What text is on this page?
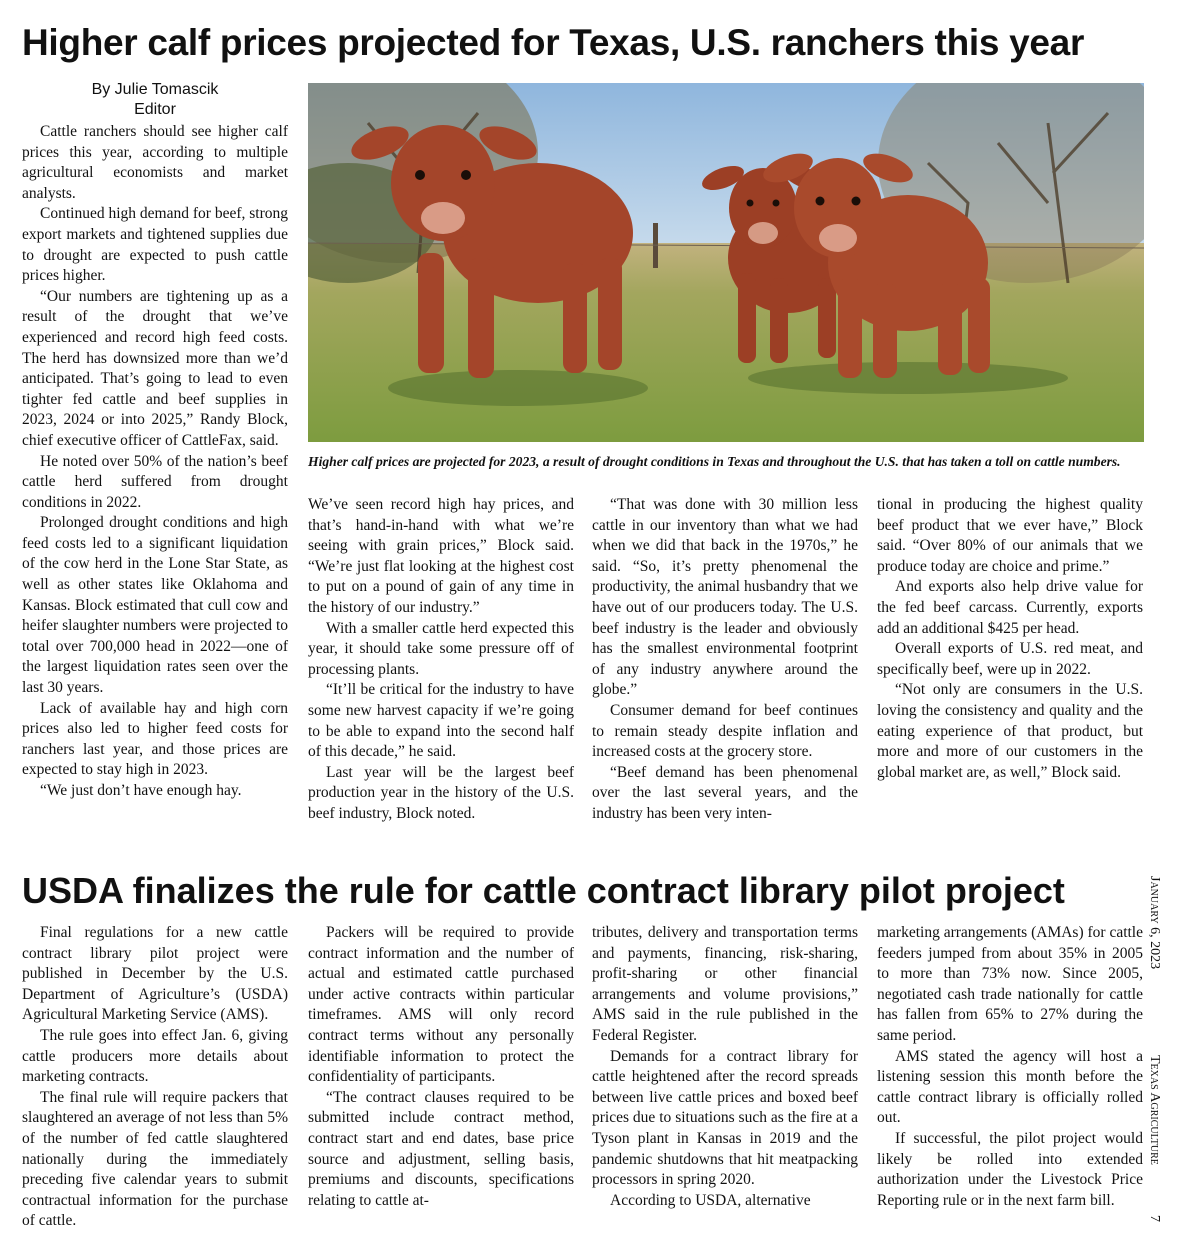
Higher calf prices projected for Texas, U.S. ranchers this year
By Julie Tomascik
Editor

Cattle ranchers should see higher calf prices this year, according to multiple agricultural economists and market analysts.

Continued high demand for beef, strong export markets and tightened supplies due to drought are expected to push cattle prices higher.

“Our numbers are tightening up as a result of the drought that we’ve experienced and record high feed costs. The herd has downsized more than we’d anticipated. That’s going to lead to even tighter fed cattle and beef supplies in 2023, 2024 or into 2025,” Randy Block, chief executive officer of CattleFax, said.

He noted over 50% of the nation’s beef cattle herd suffered from drought conditions in 2022.

Prolonged drought conditions and high feed costs led to a significant liquidation of the cow herd in the Lone Star State, as well as other states like Oklahoma and Kansas. Block estimated that cull cow and heifer slaughter numbers were projected to total over 700,000 head in 2022—one of the largest liquidation rates seen over the last 30 years.

Lack of available hay and high corn prices also led to higher feed costs for ranchers last year, and those prices are expected to stay high in 2023.

“We just don’t have enough hay.

Higher calf prices are projected for 2023, a result of drought conditions in Texas and throughout the U.S. that has taken a toll on cattle numbers.

We’ve seen record high hay prices, and that’s hand-in-hand with what we’re seeing with grain prices,” Block said. “We’re just flat looking at the highest cost to put on a pound of gain of any time in the history of our industry.”

With a smaller cattle herd expected this year, it should take some pressure off of processing plants.

“It’ll be critical for the industry to have some new harvest capacity if we’re going to be able to expand into the second half of this decade,” he said.

Last year will be the largest beef production year in the history of the U.S. beef industry, Block noted.

“That was done with 30 million less cattle in our inventory than what we had when we did that back in the 1970s,” he said. “So, it’s pretty phenomenal the productivity, the animal husbandry that we have out of our producers today. The U.S. beef industry is the leader and obviously has the smallest environmental footprint of any industry anywhere around the globe.”

Consumer demand for beef continues to remain steady despite inflation and increased costs at the grocery store.

“Beef demand has been phenomenal over the last several years, and the industry has been very inten-

tional in producing the highest quality beef product that we ever have,” Block said. “Over 80% of our animals that we produce today are choice and prime.”

And exports also help drive value for the fed beef carcass. Currently, exports add an additional $425 per head.

Overall exports of U.S. red meat, and specifically beef, were up in 2022.

“Not only are consumers in the U.S. loving the consistency and quality and the eating experience of that product, but more and more of our customers in the global market are, as well,” Block said.

USDA finalizes the rule for cattle contract library pilot project

Final regulations for a new cattle contract library pilot project were published in December by the U.S. Department of Agriculture’s (USDA) Agricultural Marketing Service (AMS).

The rule goes into effect Jan. 6, giving cattle producers more details about marketing contracts.

The final rule will require packers that slaughtered an average of not less than 5% of the number of fed cattle slaughtered nationally during the immediately preceding five calendar years to submit contractual information for the purchase of cattle.

Packers will be required to provide contract information and the number of actual and estimated cattle purchased under active contracts within particular timeframes. AMS will only record contract terms without any personally identifiable information to protect the confidentiality of participants.

“The contract clauses required to be submitted include contract method, contract start and end dates, base price source and adjustment, selling basis, premiums and discounts, specifications relating to cattle at-

tributes, delivery and transportation terms and payments, financing, risk-sharing, profit-sharing or other financial arrangements and volume provisions,” AMS said in the rule published in the Federal Register.

Demands for a contract library for cattle heightened after the record spreads between live cattle prices and boxed beef prices due to situations such as the fire at a Tyson plant in Kansas in 2019 and the pandemic shutdowns that hit meatpacking processors in spring 2020.

According to USDA, alternative

marketing arrangements (AMAs) for cattle feeders jumped from about 35% in 2005 to more than 73% now. Since 2005, negotiated cash trade nationally for cattle has fallen from 65% to 27% during the same period.

AMS stated the agency will host a listening session this month before the cattle contract library is officially rolled out.

If successful, the pilot project would likely be rolled into extended authorization under the Livestock Price Reporting rule or in the next farm bill.

January 6, 2023
Texas Agriculture
7
